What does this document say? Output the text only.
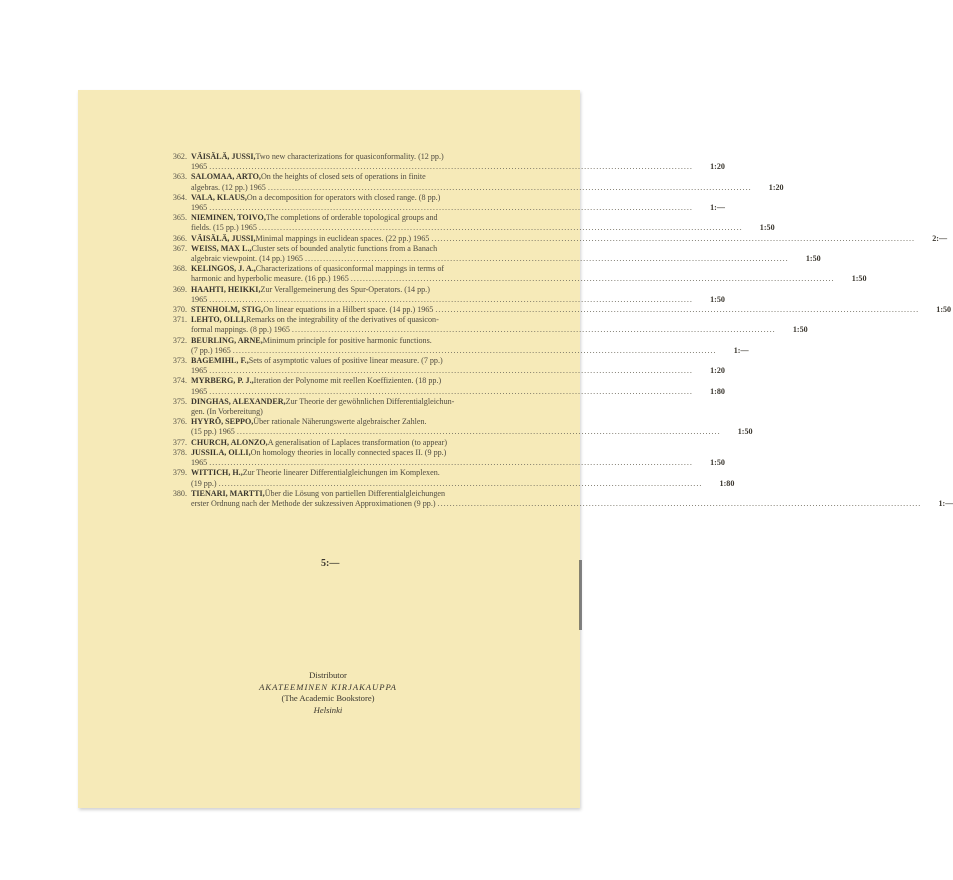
362. VÄISÄLÄ, JUSSI, Two new characterizations for quasiconformality. (12 pp.)
1965 .....	1:20
363. SALOMAA, ARTO, On the heights of closed sets of operations in finite
algebras. (12 pp.) 1965 .....	1:20
364. VALA, KLAUS, On a decomposition for operators with closed range. (8 pp.)
1965 .....	1:—
365. NIEMINEN, TOIVO, The completions of orderable topological groups and
fields. (15 pp.) 1965 .....	1:50
366. VÄISÄLÄ, JUSSI, Minimal mappings in euclidean spaces. (22 pp.) 1965 .....	2:—
367. WEISS, MAX L., Cluster sets of bounded analytic functions from a Banach
algebraic viewpoint. (14 pp.) 1965 .....	1:50
368. KELINGOS, J. A., Characterizations of quasiconformal mappings in terms of
harmonic and hyperbolic measure. (16 pp.) 1965 .....	1:50
369. HAAHTI, HEIKKI, Zur Verallgemeinerung des Spur-Operators. (14 pp.)
1965 .....	1:50
370. STENHOLM, STIG, On linear equations in a Hilbert space. (14 pp.) 1965 .....	1:50
371. LEHTO, OLLI, Remarks on the integrability of the derivatives of quasicon-
formal mappings. (8 pp.) 1965 .....	1:50
372. BEURLING, ARNE, Minimum principle for positive harmonic functions.
(7 pp.) 1965 .....	1:—
373. BAGEMIHL, F., Sets of asymptotic values of positive linear measure. (7 pp.)
1965 .....	1:20
374. MYRBERG, P. J., Iteration der Polynome mit reellen Koeffizienten. (18 pp.)
1965 .....	1:80
375. DINGHAS, ALEXANDER, Zur Theorie der gewöhnlichen Differentialgleichun-
gen. (In Vorbereitung)
376. HYYRÖ, SEPPO, Über rationale Näherungswerte algebraischer Zahlen.
(15 pp.) 1965 .....	1:50
377. CHURCH, ALONZO, A generalisation of Laplaces transformation (to appear)
378. JUSSILA, OLLI, On homology theories in locally connected spaces II. (9 pp.)
1965 .....	1:50
379. WITTICH, H., Zur Theorie linearer Differentialgleichungen im Komplexen.
(19 pp.) .....	1:80
380. TIENARI, MARTTI, Über die Lösung von partiellen Differentialgleichungen
erster Ordnung nach der Methode der sukzessiven Approximationen (9 pp.) .....	1:—
5:—
Distributor
AKATEEMINEN KIRJAKAUPPA
(The Academic Bookstore)
Helsinki
